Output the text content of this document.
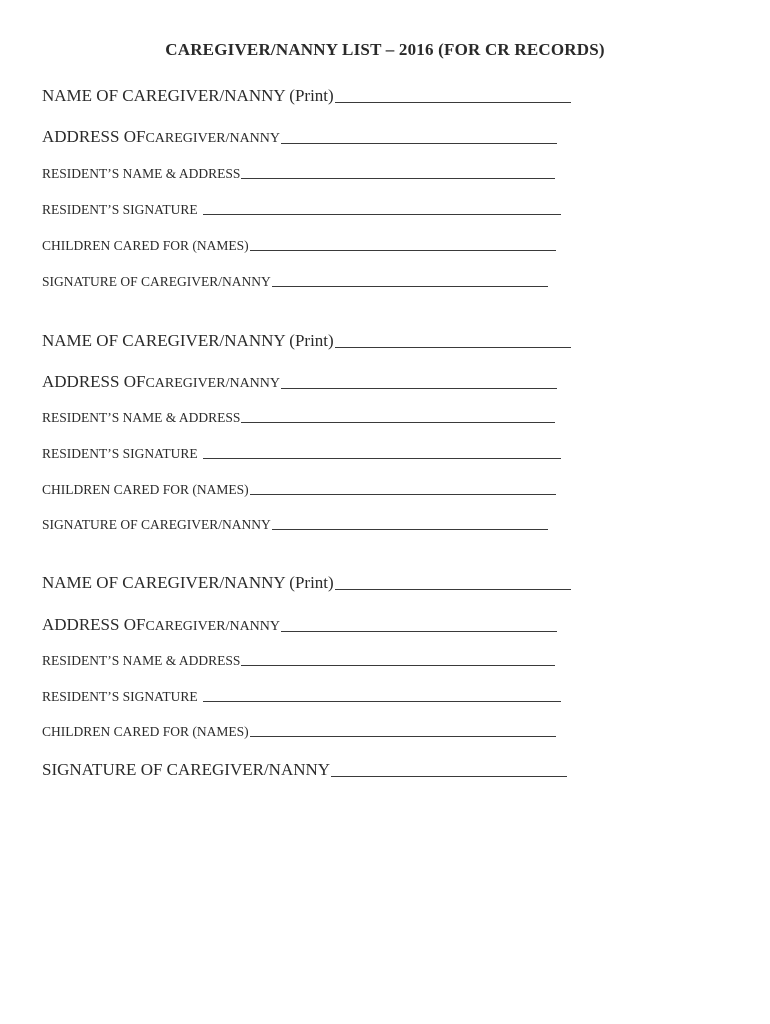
CAREGIVER/NANNY LIST – 2016 (FOR CR RECORDS)
NAME OF CAREGIVER/NANNY (Print)
ADDRESS OF CAREGIVER/NANNY
RESIDENT’S NAME & ADDRESS
RESIDENT’S SIGNATURE
CHILDREN CARED FOR (NAMES)
SIGNATURE OF CAREGIVER/NANNY
NAME OF CAREGIVER/NANNY (Print)
ADDRESS OF CAREGIVER/NANNY
RESIDENT’S NAME & ADDRESS
RESIDENT’S SIGNATURE
CHILDREN CARED FOR (NAMES)
SIGNATURE OF CAREGIVER/NANNY
NAME OF CAREGIVER/NANNY (Print)
ADDRESS OF CAREGIVER/NANNY
RESIDENT’S NAME & ADDRESS
RESIDENT’S SIGNATURE
CHILDREN CARED FOR (NAMES)
SIGNATURE OF CAREGIVER/NANNY
